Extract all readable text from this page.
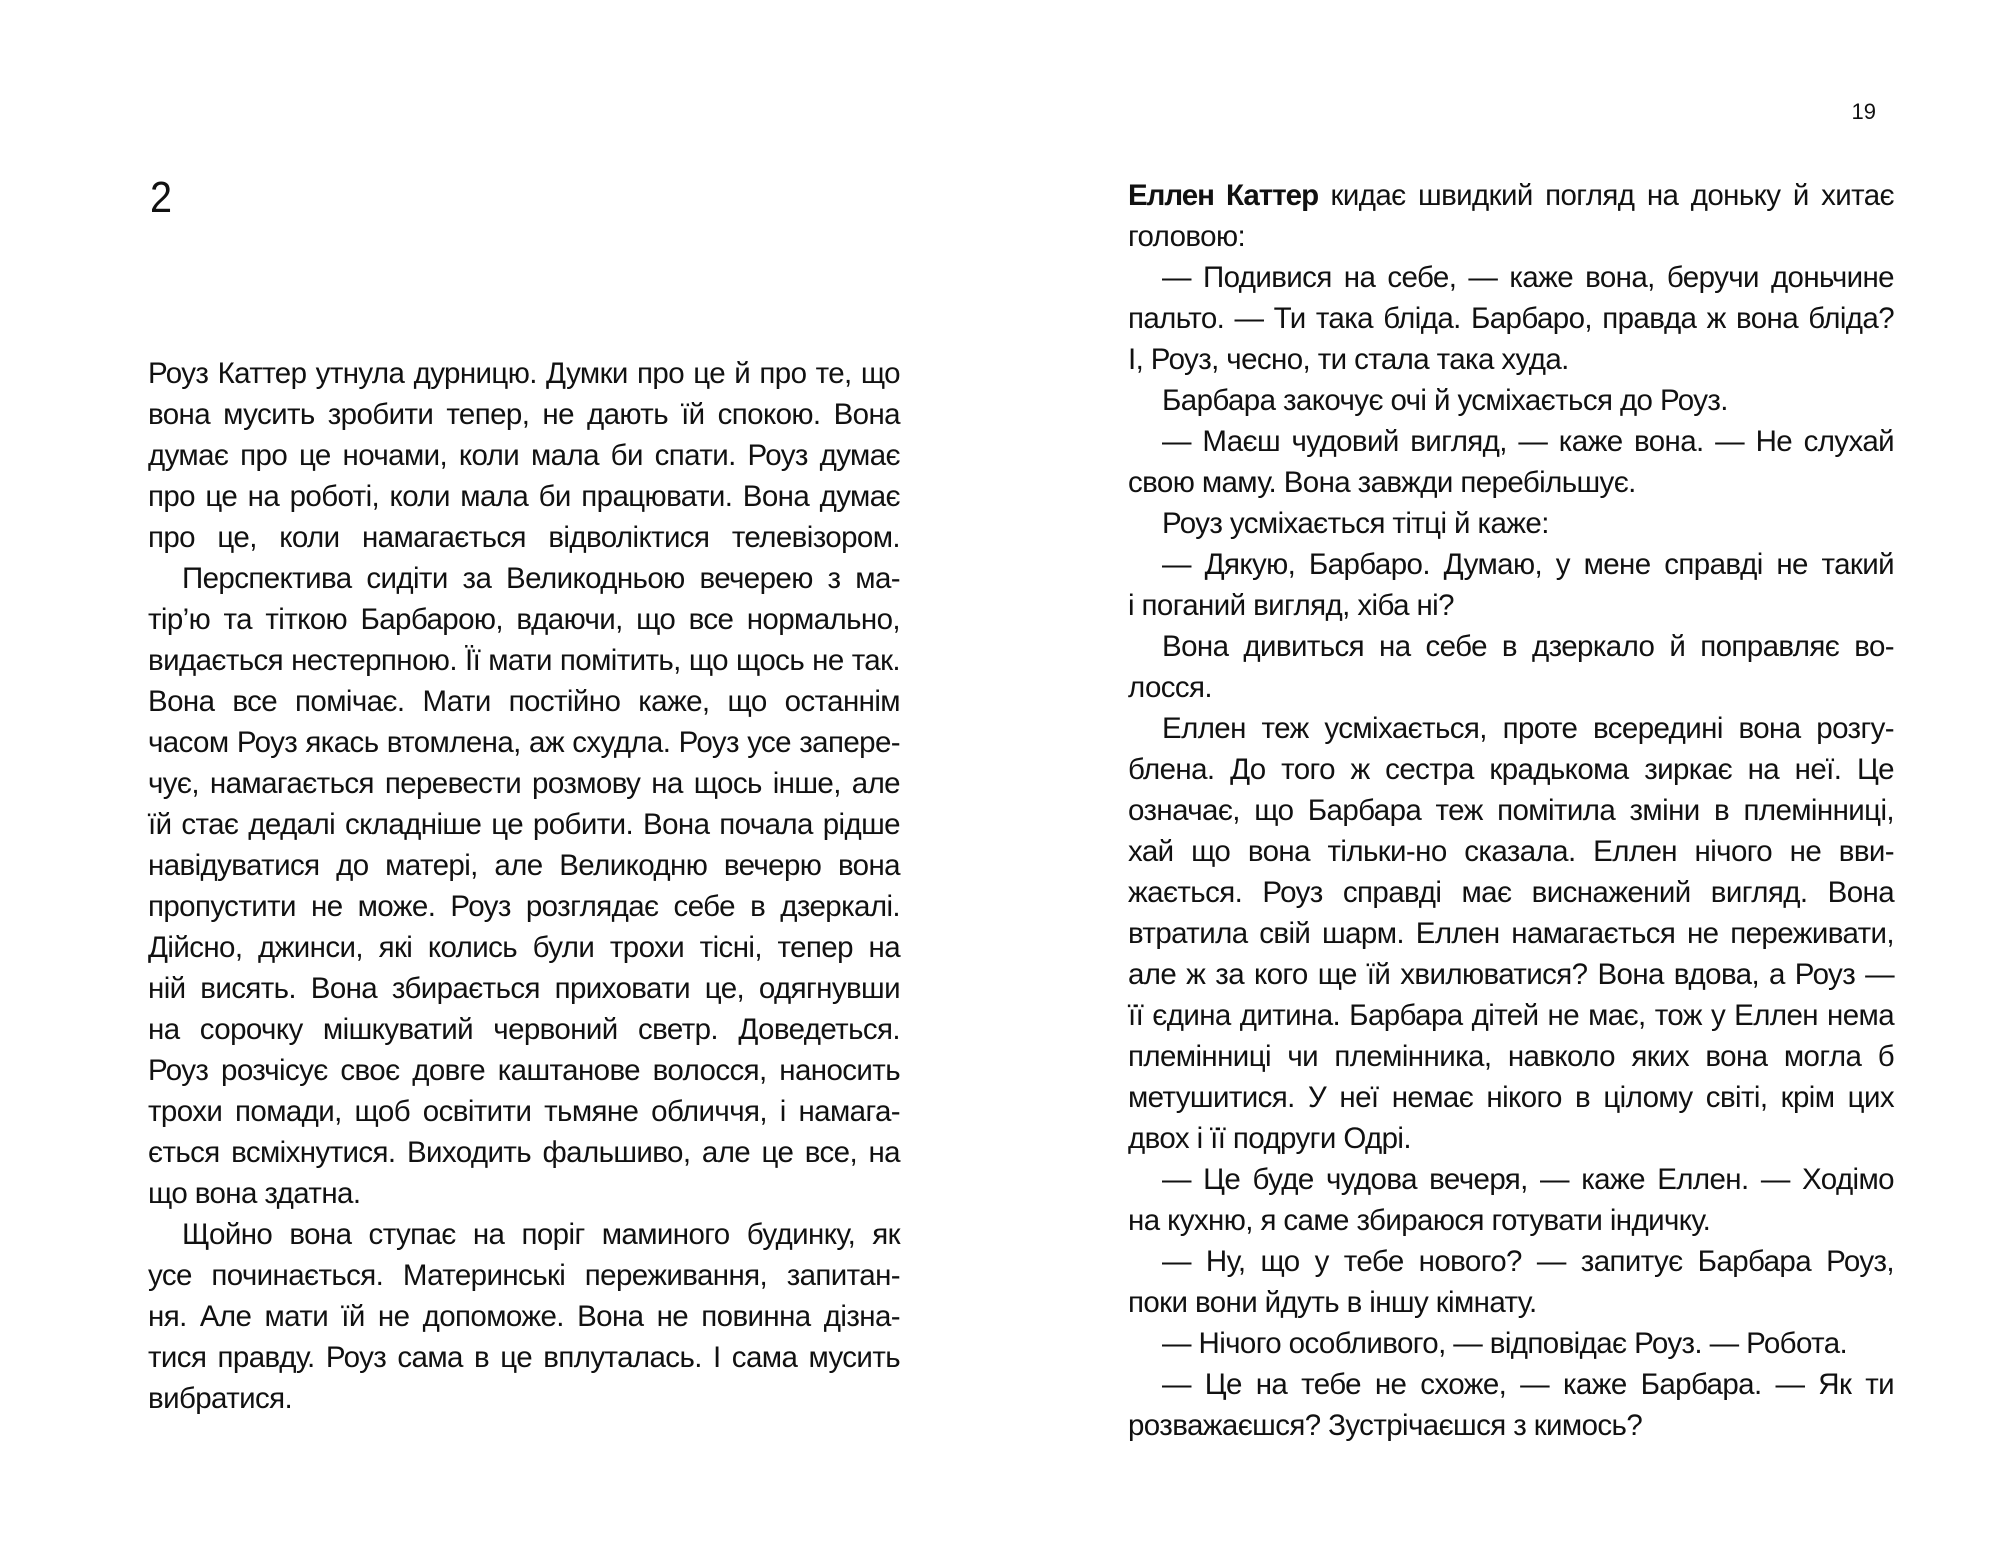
2
Роуз Каттер утнула дурницю. Думки про це й про те, що
вона мусить зробити тепер, не дають їй спокою. Вона
думає про це ночами, коли мала би спати. Роуз думає
про це на роботі, коли мала би працювати. Вона думає
про це, коли намагається відволіктися телевізором.
Перспектива сидіти за Великодньою вечерею з ма-
тір’ю та тіткою Барбарою, вдаючи, що все нормально,
видається нестерпною. Її мати помітить, що щось не так.
Вона все помічає. Мати постійно каже, що останнім
часом Роуз якась втомлена, аж схудла. Роуз усе запере-
чує, намагається перевести розмову на щось інше, але
їй стає дедалі складніше це робити. Вона почала рідше
навідуватися до матері, але Великодню вечерю вона
пропустити не може. Роуз розглядає себе в дзеркалі.
Дійсно, джинси, які колись були трохи тісні, тепер на
ній висять. Вона збирається приховати це, одягнувши
на сорочку мішкуватий червоний светр. Доведеться.
Роуз розчісує своє довге каштанове волосся, наносить
трохи помади, щоб освітити тьмяне обличчя, і намага-
ється всміхнутися. Виходить фальшиво, але це все, на
що вона здатна.
Щойно вона ступає на поріг маминого будинку, як
усе починається. Материнські переживання, запитан-
ня. Але мати їй не допоможе. Вона не повинна дізна-
тися правду. Роуз сама в це вплуталась. І сама мусить
вибратися.
19
Еллен Каттер кидає швидкий погляд на доньку й хитає
головою:
— Подивися на себе, — каже вона, беручи доньчине
пальто. — Ти така бліда. Барбаро, правда ж вона бліда?
І, Роуз, чесно, ти стала така худа.
Барбара закочує очі й усміхається до Роуз.
— Маєш чудовий вигляд, — каже вона. — Не слухай
свою маму. Вона завжди перебільшує.
Роуз усміхається тітці й каже:
— Дякую, Барбаро. Думаю, у мене справді не такий
і поганий вигляд, хіба ні?
Вона дивиться на себе в дзеркало й поправляє во-
лосся.
Еллен теж усміхається, проте всередині вона розгу-
блена. До того ж сестра крадькома зиркає на неї. Це
означає, що Барбара теж помітила зміни в племінниці,
хай що вона тільки-но сказала. Еллен нічого не вви-
жається. Роуз справді має виснажений вигляд. Вона
втратила свій шарм. Еллен намагається не переживати,
але ж за кого ще їй хвилюватися? Вона вдова, а Роуз —
її єдина дитина. Барбара дітей не має, тож у Еллен нема
племінниці чи племінника, навколо яких вона могла б
метушитися. У неї немає нікого в цілому світі, крім цих
двох і її подруги Одрі.
— Це буде чудова вечеря, — каже Еллен. — Ходімо
на кухню, я саме збираюся готувати індичку.
— Ну, що у тебе нового? — запитує Барбара Роуз,
поки вони йдуть в іншу кімнату.
— Нічого особливого, — відповідає Роуз. — Робота.
— Це на тебе не схоже, — каже Барбара. — Як ти
розважаєшся? Зустрічаєшся з кимось?
